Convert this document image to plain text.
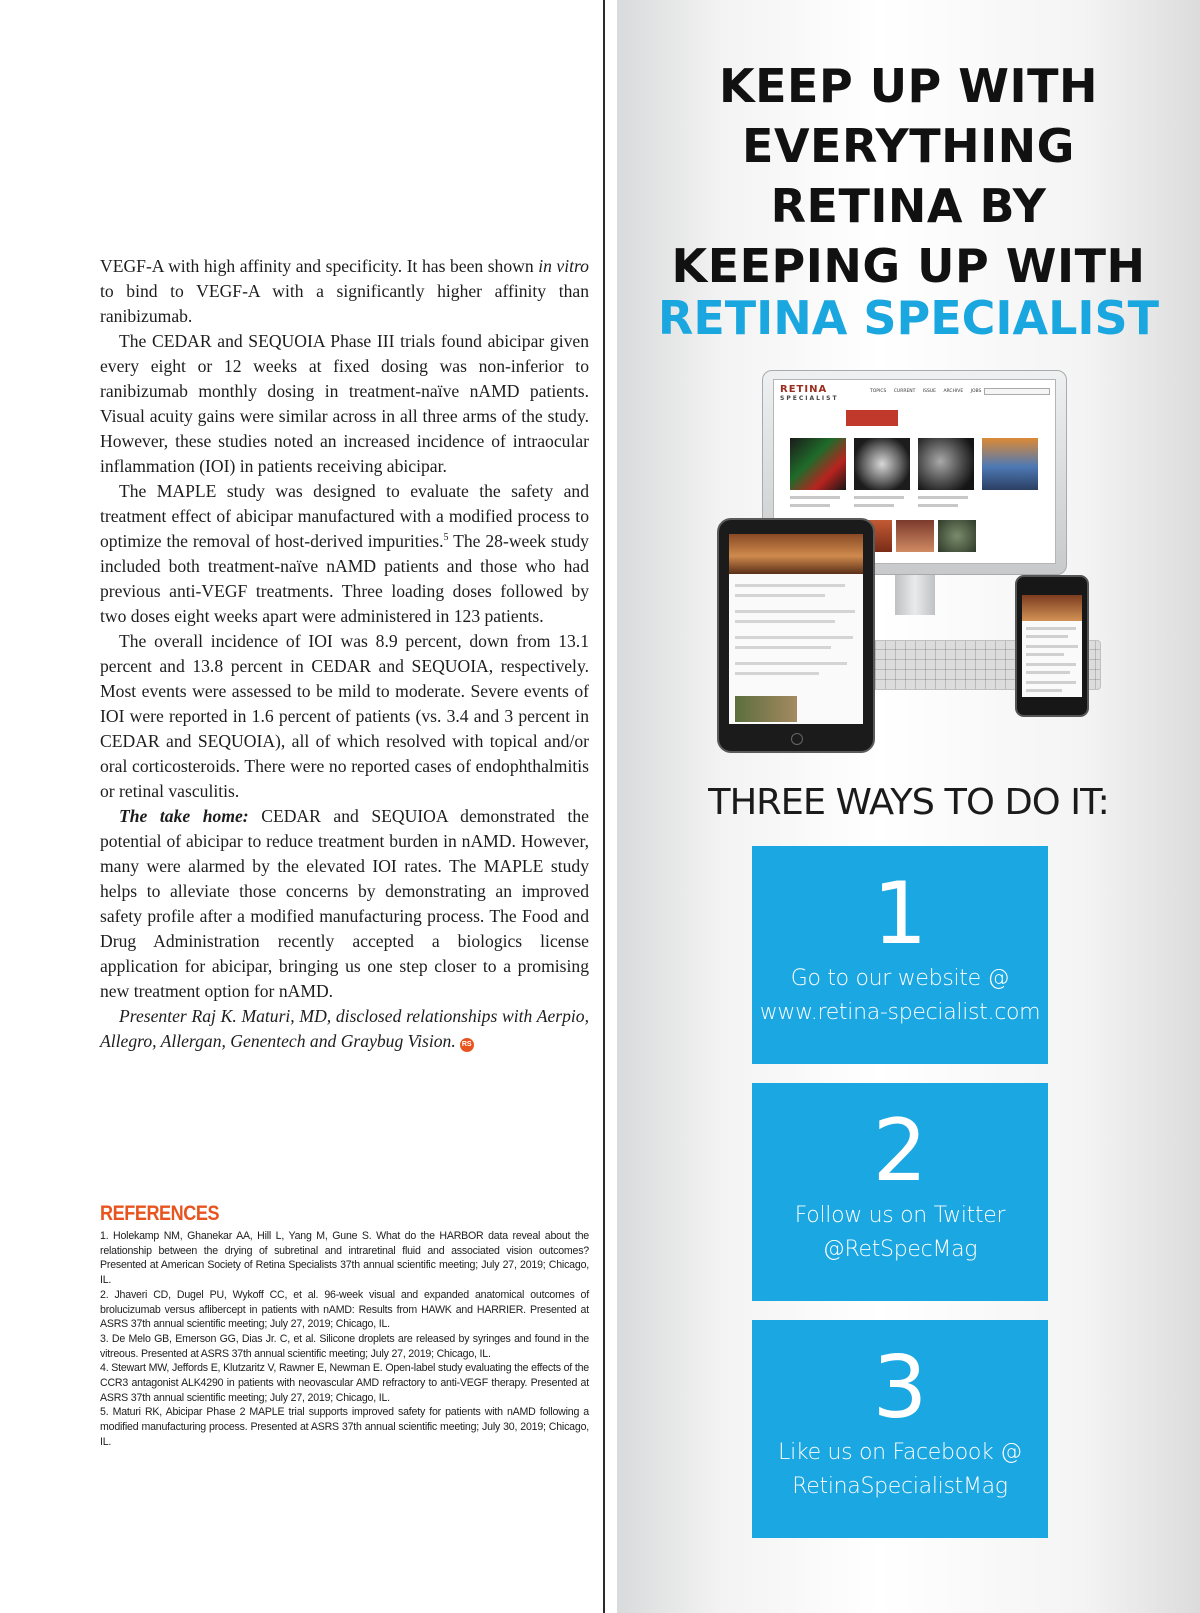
VEGF-A with high affinity and specificity. It has been shown in vitro to bind to VEGF-A with a significantly higher affinity than ranibizumab.

The CEDAR and SEQUOIA Phase III trials found abicipar given every eight or 12 weeks at fixed dosing was non-inferior to ranibizumab monthly dosing in treatment-naïve nAMD patients. Visual acuity gains were similar across in all three arms of the study. However, these studies noted an increased incidence of intraocular inflammation (IOI) in patients receiving abicipar.

The MAPLE study was designed to evaluate the safety and treatment effect of abicipar manufactured with a modified process to optimize the removal of host-derived impurities.$^5$ The 28-week study included both treatment-naïve nAMD patients and those who had previous anti-VEGF treatments. Three loading doses followed by two doses eight weeks apart were administered in 123 patients.

The overall incidence of IOI was 8.9 percent, down from 13.1 percent and 13.8 percent in CEDAR and SEQUOIA, respectively. Most events were assessed to be mild to moderate. Severe events of IOI were reported in 1.6 percent of patients (vs. 3.4 and 3 percent in CEDAR and SEQUOIA), all of which resolved with topical and/or oral corticosteroids. There were no reported cases of endophthalmitis or retinal vasculitis.

The take home: CEDAR and SEQUIOA demonstrated the potential of abicipar to reduce treatment burden in nAMD. However, many were alarmed by the elevated IOI rates. The MAPLE study helps to alleviate those concerns by demonstrating an improved safety profile after a modified manufacturing process. The Food and Drug Administration recently accepted a biologics license application for abicipar, bringing us one step closer to a promising new treatment option for nAMD.

Presenter Raj K. Maturi, MD, disclosed relationships with Aerpio, Allegro, Allergan, Genentech and Graybug Vision. RS

REFERENCES
1. Holekamp NM, Ghanekar AA, Hill L, Yang M, Gune S. What do the HARBOR data reveal about the relationship between the drying of subretinal and intraretinal fluid and associated vision outcomes? Presented at American Society of Retina Specialists 37th annual scientific meeting; July 27, 2019; Chicago, IL.
2. Jhaveri CD, Dugel PU, Wykoff CC, et al. 96-week visual and expanded anatomical outcomes of brolucizumab versus aflibercept in patients with nAMD: Results from HAWK and HARRIER. Presented at ASRS 37th annual scientific meeting; July 27, 2019; Chicago, IL.
3. De Melo GB, Emerson GG, Dias Jr. C, et al. Silicone droplets are released by syringes and found in the vitreous. Presented at ASRS 37th annual scientific meeting; July 27, 2019; Chicago, IL.
4. Stewart MW, Jeffords E, Klutzaritz V, Rawner E, Newman E. Open-label study evaluating the effects of the CCR3 antagonist ALK4290 in patients with neovascular AMD refractory to anti-VEGF therapy. Presented at ASRS 37th annual scientific meeting; July 27, 2019; Chicago, IL.
5. Maturi RK, Abicipar Phase 2 MAPLE trial supports improved safety for patients with nAMD following a modified manufacturing process. Presented at ASRS 37th annual scientific meeting; July 30, 2019; Chicago, IL.
KEEP UP WITH
EVERYTHING
RETINA BY
KEEPING UP WITH
RETINA SPECIALIST
RETINA
SPECIALIST
TOPICS CURRENT ISSUE ARCHIVE JOBS
THREE WAYS TO DO IT:
1
Go to our website @
www.retina-specialist.com
2
Follow us on Twitter
@RetSpecMag
3
Like us on Facebook @
RetinaSpecialistMag
